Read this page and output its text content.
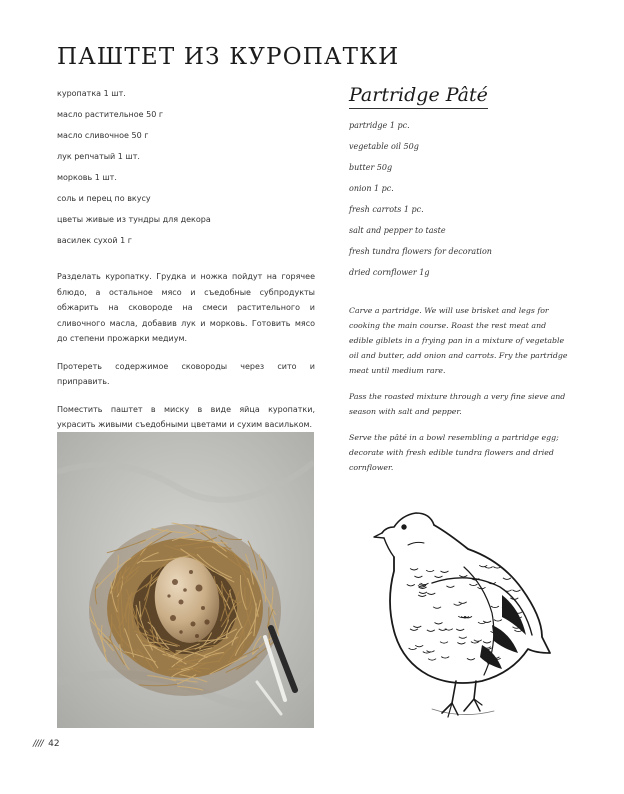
ПАШТЕТ ИЗ КУРОПАТКИ
куропатка 1 шт.
масло растительное 50 г
масло сливочное 50 г
лук репчатый 1 шт.
морковь 1 шт.
соль и перец по вкусу
цветы живые из тундры для декора
василек сухой 1 г

Разделать куропатку. Грудка и ножка пойдут на горячее блюдо, а остальное мясо и съедобные субпродукты обжарить на сковороде на смеси растительного и сливочного масла, добавив лук и морковь. Готовить мясо до степени прожарки медиум.

Протереть содержимое сковороды через сито и приправить.

Поместить паштет в миску в виде яйца куропатки, украсить живыми съедобными цветами и сухим васильком.

Partridge Pâté
partridge 1 pc.
vegetable oil 50g
butter 50g
onion 1 pc.
fresh carrots 1 pc.
salt and pepper to taste
fresh tundra flowers for decoration
dried cornflower 1g

Carve a partridge. We will use brisket and legs for cooking the main course. Roast the rest meat and edible giblets in a frying pan in a mixture of vegetable oil and butter, add onion and carrots. Fry the partridge meat until medium rare.

Pass the roasted mixture through a very fine sieve and season with salt and pepper.

Serve the pâté in a bowl resembling a partridge egg; decorate with fresh edible tundra flowers and dried cornflower.

//// 42
